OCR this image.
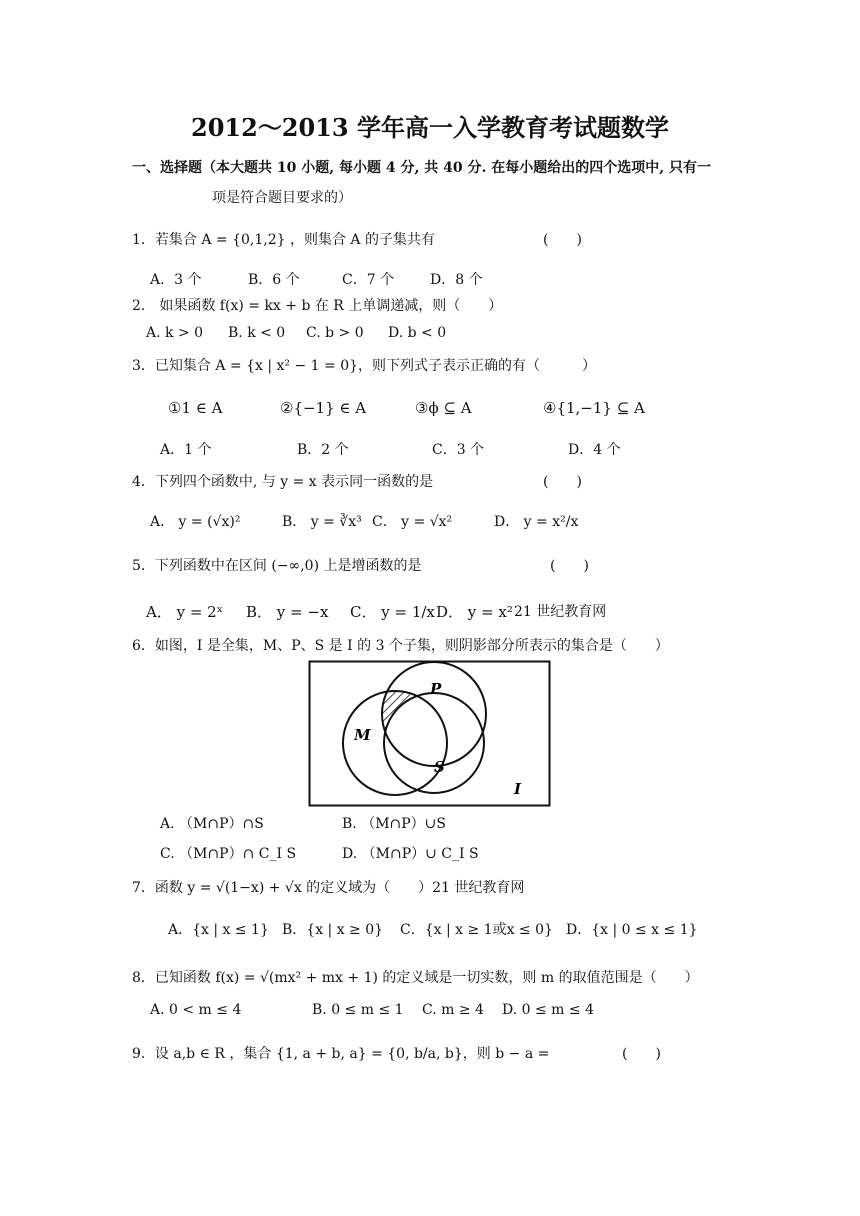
2012～2013 学年高一入学教育考试题数学
一、选择题（本大题共 10 小题, 每小题 4 分, 共 40 分. 在每小题给出的四个选项中, 只有一
项是符合题目要求的）
1．若集合 A = {0,1,2} ，则集合 A 的子集共有	(　　)
A．3 个	B．6 个	C．7 个	D．8 个
2． 如果函数 f(x) = kx + b 在 R 上单调递减，则（　　）
A. k > 0 B. k < 0 C. b > 0 D. b < 0
3．已知集合 A = {x | x² − 1 = 0}，则下列式子表示正确的有（　　　）
①1 ∈ A	②{−1} ∈ A	③ϕ ⊆ A	④{1,−1} ⊆ A
A．1 个	B．2 个	C．3 个	D．4 个
4．下列四个函数中, 与 y = x 表示同一函数的是	(　　)
A． y = (√x)²	B． y = ∛x³ C． y = √x²	D． y = x²/x
5．下列函数中在区间 (−∞,0) 上是增函数的是	(　　)
A． y = 2ˣ B． y = −x C． y = 1/x D． y = x² 21 世纪教育网
6．如图，I 是全集，M、P、S 是 I 的 3 个子集，则阴影部分所表示的集合是（　　）
P
M
S
I
A. （M∩P）∩S	B. （M∩P）∪S
C. （M∩P）∩ C_I S	D. （M∩P）∪ C_I S
7．函数 y = √(1−x) + √x 的定义域为（　　）21 世纪教育网
A．{x | x ≤ 1} B．{x | x ≥ 0} C．{x | x ≥ 1或x ≤ 0} D．{x | 0 ≤ x ≤ 1}
8．已知函数 f(x) = √(mx² + mx + 1) 的定义域是一切实数，则 m 的取值范围是（　　）
A. 0 < m ≤ 4	B. 0 ≤ m ≤ 1 C. m ≥ 4 D. 0 ≤ m ≤ 4
9．设 a,b ∈ R ，集合 {1, a + b, a} = {0, b/a, b}，则 b − a =	(　　)
